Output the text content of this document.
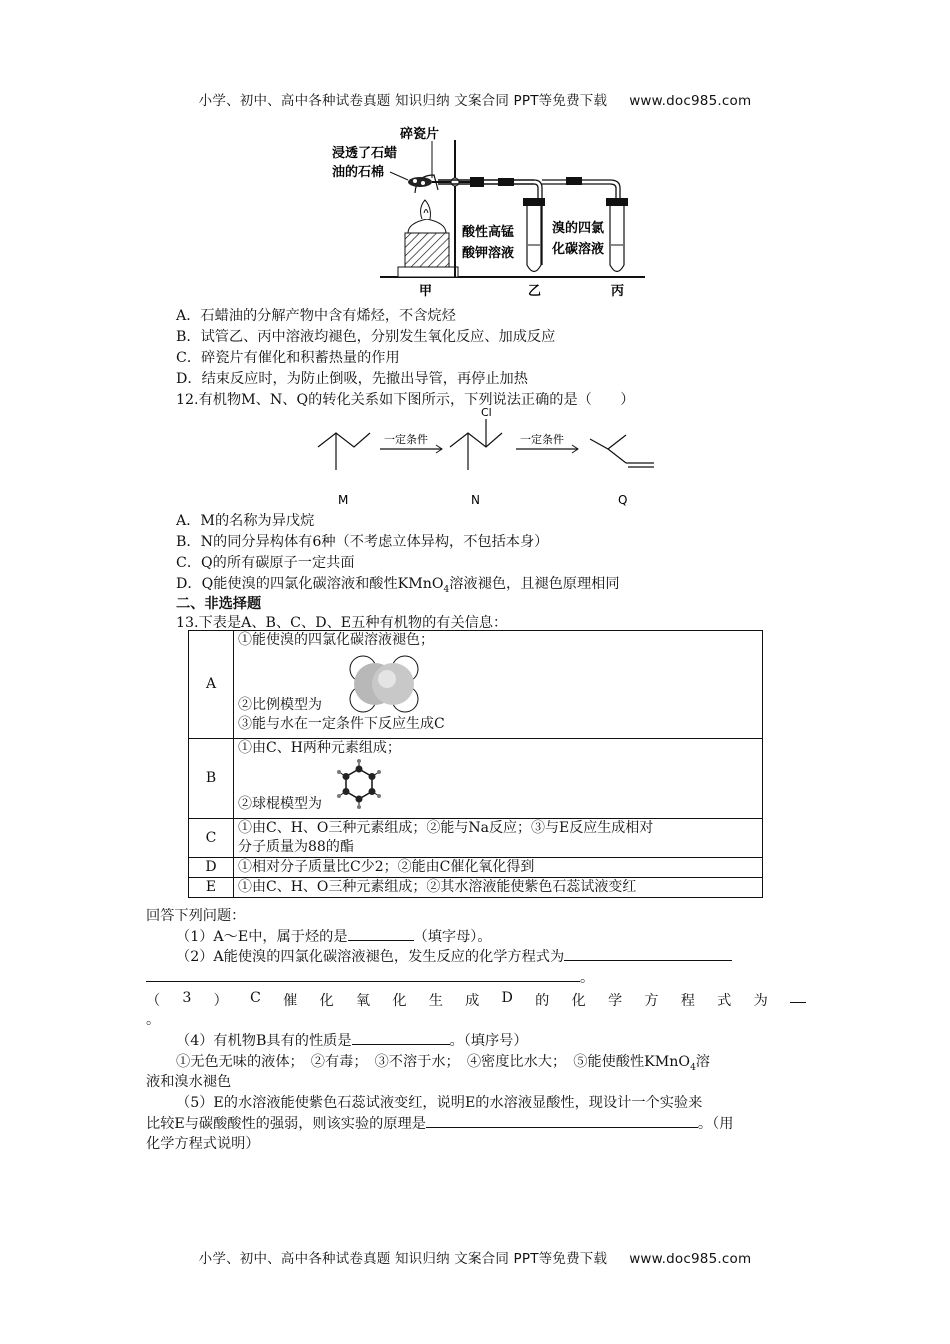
小学、初中、高中各种试卷真题 知识归纳 文案合同 PPT等免费下载 www.doc985.com
碎瓷片
浸透了石蜡
油的石棉
酸性高锰
酸钾溶液
溴的四氯
化碳溶液
甲	乙	丙
A．石蜡油的分解产物中含有烯烃，不含烷烃
B．试管乙、丙中溶液均褪色，分别发生氧化反应、加成反应
C．碎瓷片有催化和积蓄热量的作用
D．结束反应时，为防止倒吸，先撤出导管，再停止加热
12.有机物M、N、Q的转化关系如下图所示，下列说法正确的是（　　）
一定条件
Cl
一定条件
M	N	Q
A．M的名称为异戊烷
B．N的同分异构体有6种（不考虑立体异构，不包括本身）
C．Q的所有碳原子一定共面
D．Q能使溴的四氯化碳溶液和酸性KMnO$_4$溶液褪色，且褪色原理相同
二、非选择题
13.下表是A、B、C、D、E五种有机物的有关信息：
A	①能使溴的四氯化碳溶液褪色；
②比例模型为
③能与水在一定条件下反应生成C

B	①由C、H两种元素组成；
②球棍模型为

C	①由C、H、O三种元素组成；②能与Na反应；③与E反应生成相对
分子质量为88的酯

D	①相对分子质量比C少2；②能由C催化氧化得到
E	①由C、H、O三种元素组成；②其水溶液能使紫色石蕊试液变红
回答下列问题：
（1）A～E中，属于烃的是	（填字母）。
（2）A能使溴的四氯化碳溶液褪色，发生反应的化学方程式为
。
（ 3 ） C 催 化 氧 化 生 成 D 的 化 学 方 程 式 为
。
（4）有机物B具有的性质是	。（填序号）
①无色无味的液体；　②有毒；　③不溶于水；　④密度比水大；　⑤能使酸性KMnO$_4$溶
液和溴水褪色
（5）E的水溶液能使紫色石蕊试液变红，说明E的水溶液显酸性，现设计一个实验来
比较E与碳酸酸性的强弱，则该实验的原理是	。（用
化学方程式说明）
小学、初中、高中各种试卷真题 知识归纳 文案合同 PPT等免费下载 www.doc985.com
